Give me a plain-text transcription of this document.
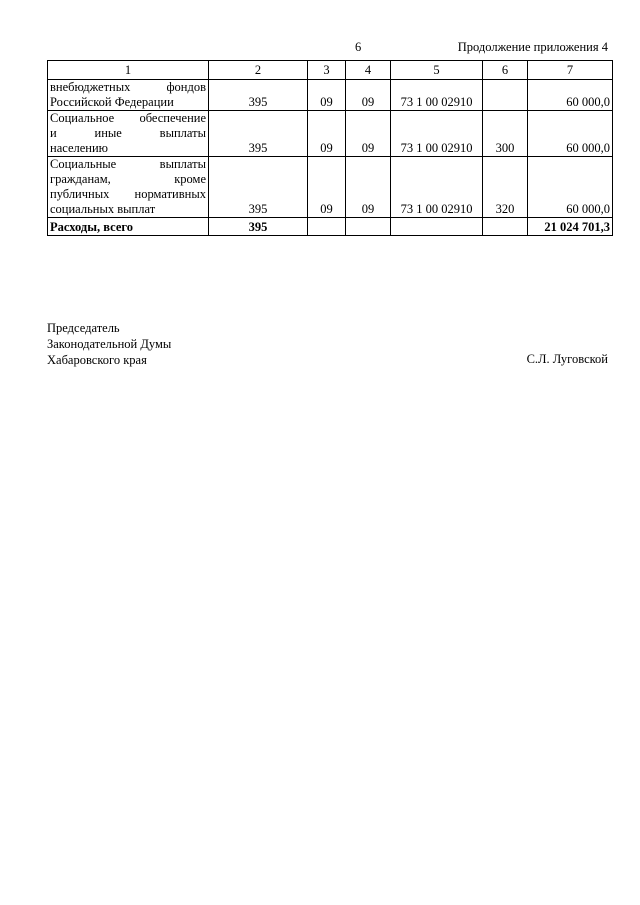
6	Продолжение приложения 4
1	2	3	4	5	6	7

внебюджетных фондов
Российской Федерации	395	09	09	73 1 00 02910		60 000,0

Социальное обеспечение
и иные выплаты
населению	395	09	09	73 1 00 02910	300	60 000,0

Социальные выплаты
гражданам, кроме
публичных нормативных
социальных выплат	395	09	09	73 1 00 02910	320	60 000,0
Расходы, всего	395					21 024 701,3
Председатель
Законодательной Думы
Хабаровского края	С.Л. Луговской
